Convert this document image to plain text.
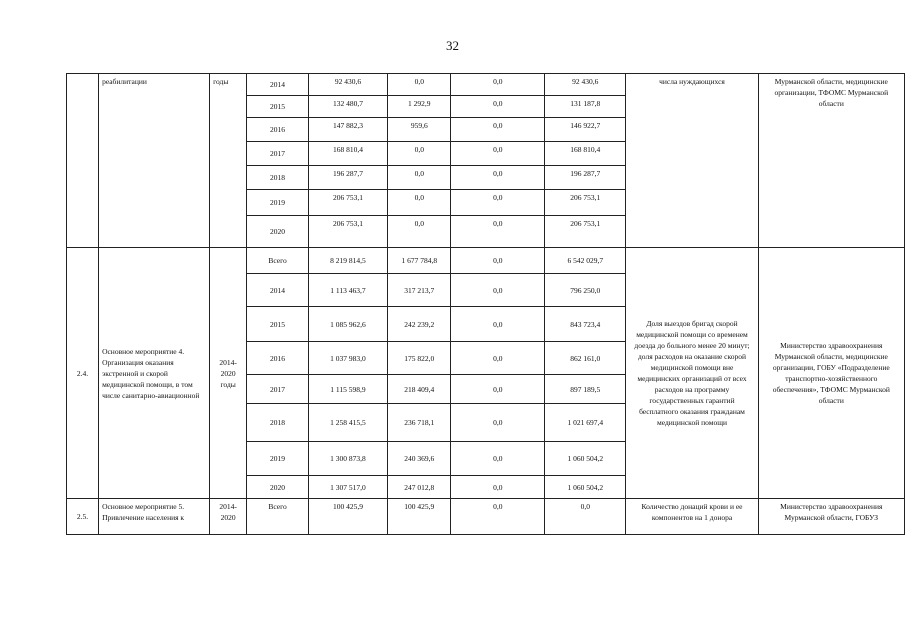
32
	реабилитации	годы	2014	92 430,6	0,0	0,0	92 430,6	числа нуждающихся	Мурманской области, медицинские организации, ТФОМС Мурманской области
			2015	132 480,7	1 292,9	0,0	131 187,8		
			2016	147 882,3	959,6	0,0	146 922,7		
			2017	168 810,4	0,0	0,0	168 810,4		
			2018	196 287,7	0,0	0,0	196 287,7		
			2019	206 753,1	0,0	0,0	206 753,1		
			2020	206 753,1	0,0	0,0	206 753,1		
2.4.	Основное мероприятие 4. Организация оказания экстренной и скорой медицинской помощи, в том числе санитарно-авиационной	2014-2020 годы	Всего	8 219 814,5	1 677 784,8	0,0	6 542 029,7	Доля выездов бригад скорой медицинской помощи со временем доезда до больного менее 20 минут; доля расходов на оказание скорой медицинской помощи вне медицинских организаций от всех расходов на программу государственных гарантий бесплатного оказания гражданам медицинской помощи	Министерство здравоохранения Мурманской области, медицинские организации, ГОБУ «Подразделение транспортно-хозяйственного обеспечения», ТФОМС Мурманской области
			2014	1 113 463,7	317 213,7	0,0	796 250,0		
			2015	1 085 962,6	242 239,2	0,0	843 723,4		
			2016	1 037 983,0	175 822,0	0,0	862 161,0		
			2017	1 115 598,9	218 409,4	0,0	897 189,5		
			2018	1 258 415,5	236 718,1	0,0	1 021 697,4		
			2019	1 300 873,8	240 369,6	0,0	1 060 504,2		
			2020	1 307 517,0	247 012,8	0,0	1 060 504,2		
2.5.	Основное мероприятие 5. Привлечение населения к	2014-2020	Всего	100 425,9	100 425,9	0,0	0,0	Количество донаций крови и ее компонентов на 1 донора	Министерство здравоохранения Мурманской области, ГОБУЗ
